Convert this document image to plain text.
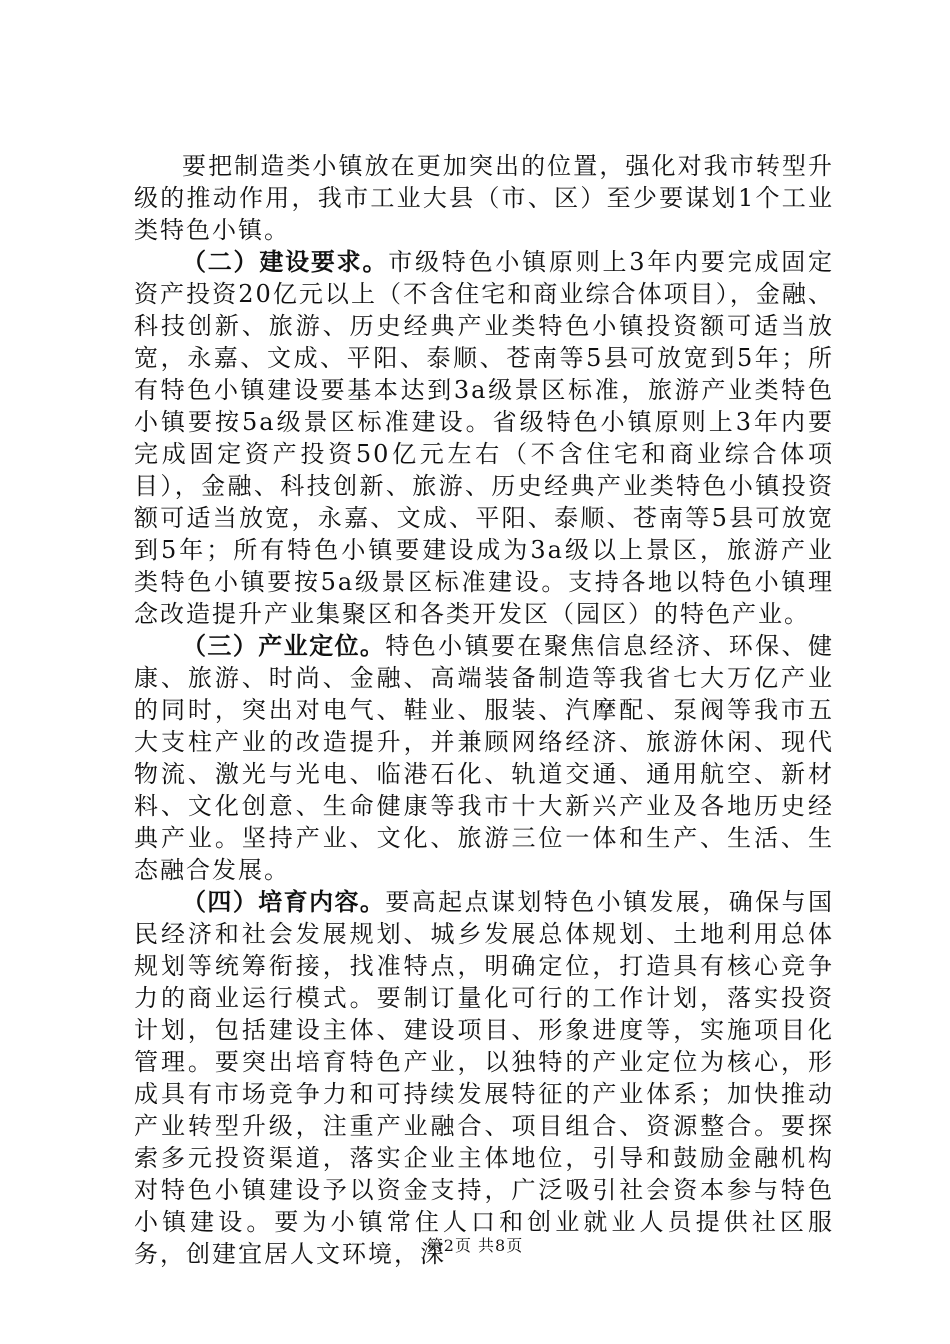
要把制造类小镇放在更加突出的位置，强化对我市转型升级的推动作用，我市工业大县（市、区）至少要谋划1个工业类特色小镇。

（二）建设要求。市级特色小镇原则上3年内要完成固定资产投资20亿元以上（不含住宅和商业综合体项目），金融、科技创新、旅游、历史经典产业类特色小镇投资额可适当放宽，永嘉、文成、平阳、泰顺、苍南等5县可放宽到5年；所有特色小镇建设要基本达到3a级景区标准，旅游产业类特色小镇要按5a级景区标准建设。省级特色小镇原则上3年内要完成固定资产投资50亿元左右（不含住宅和商业综合体项目），金融、科技创新、旅游、历史经典产业类特色小镇投资额可适当放宽，永嘉、文成、平阳、泰顺、苍南等5县可放宽到5年；所有特色小镇要建设成为3a级以上景区，旅游产业类特色小镇要按5a级景区标准建设。支持各地以特色小镇理念改造提升产业集聚区和各类开发区（园区）的特色产业。

（三）产业定位。特色小镇要在聚焦信息经济、环保、健康、旅游、时尚、金融、高端装备制造等我省七大万亿产业的同时，突出对电气、鞋业、服装、汽摩配、泵阀等我市五大支柱产业的改造提升，并兼顾网络经济、旅游休闲、现代物流、激光与光电、临港石化、轨道交通、通用航空、新材料、文化创意、生命健康等我市十大新兴产业及各地历史经典产业。坚持产业、文化、旅游三位一体和生产、生活、生态融合发展。

（四）培育内容。要高起点谋划特色小镇发展，确保与国民经济和社会发展规划、城乡发展总体规划、土地利用总体规划等统筹衔接，找准特点，明确定位，打造具有核心竞争力的商业运行模式。要制订量化可行的工作计划，落实投资计划，包括建设主体、建设项目、形象进度等，实施项目化管理。要突出培育特色产业，以独特的产业定位为核心，形成具有市场竞争力和可持续发展特征的产业体系；加快推动产业转型升级，注重产业融合、项目组合、资源整合。要探索多元投资渠道，落实企业主体地位，引导和鼓励金融机构对特色小镇建设予以资金支持，广泛吸引社会资本参与特色小镇建设。要为小镇常住人口和创业就业人员提供社区服务，创建宜居人文环境，深

第2页 共8页
